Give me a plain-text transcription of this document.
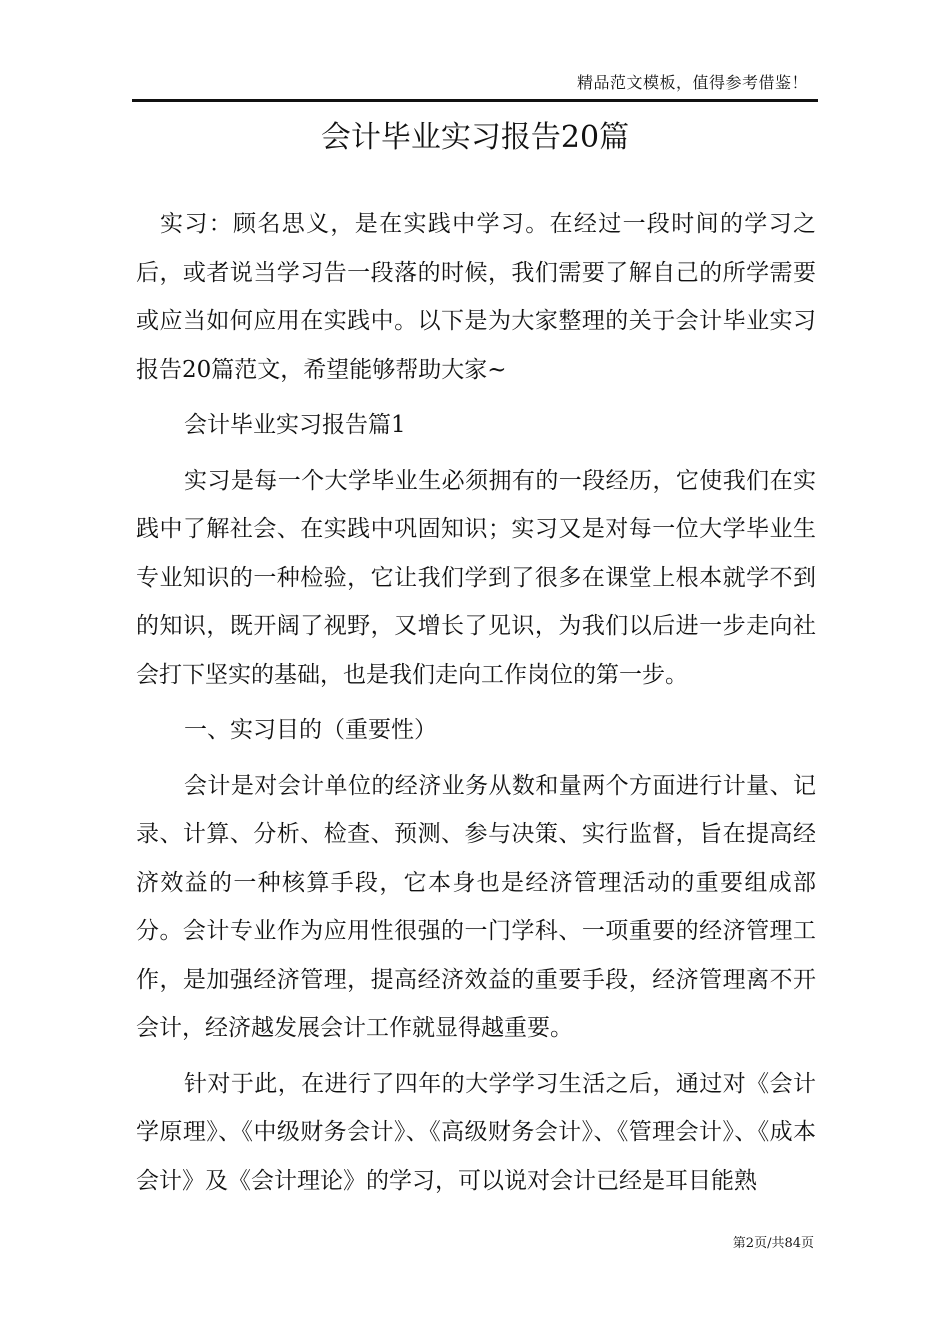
精品范文模板，值得参考借鉴！
会计毕业实习报告20篇

实习：顾名思义，是在实践中学习。在经过一段时间的学习之后，或者说当学习告一段落的时候，我们需要了解自己的所学需要或应当如何应用在实践中。以下是为大家整理的关于会计毕业实习报告20篇范文，希望能够帮助大家~

会计毕业实习报告篇1

实习是每一个大学毕业生必须拥有的一段经历，它使我们在实践中了解社会、在实践中巩固知识；实习又是对每一位大学毕业生专业知识的一种检验，它让我们学到了很多在课堂上根本就学不到的知识，既开阔了视野，又增长了见识，为我们以后进一步走向社会打下坚实的基础，也是我们走向工作岗位的第一步。

一、实习目的（重要性）

会计是对会计单位的经济业务从数和量两个方面进行计量、记录、计算、分析、检查、预测、参与决策、实行监督，旨在提高经济效益的一种核算手段，它本身也是经济管理活动的重要组成部分。会计专业作为应用性很强的一门学科、一项重要的经济管理工作，是加强经济管理，提高经济效益的重要手段，经济管理离不开会计，经济越发展会计工作就显得越重要。

针对于此，在进行了四年的大学学习生活之后，通过对《会计学原理》、《中级财务会计》、《高级财务会计》、《管理会计》、《成本会计》及《会计理论》的学习，可以说对会计已经是耳目能熟

第2页/共84页
